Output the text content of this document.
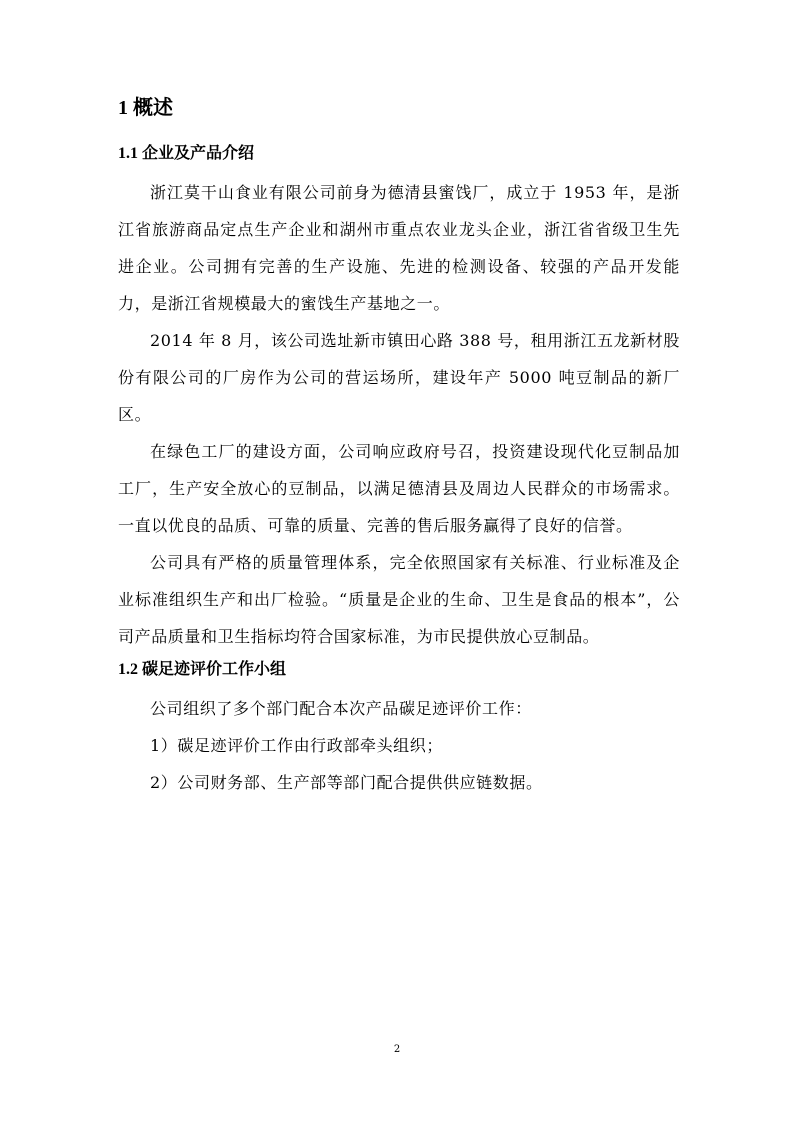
1 概述
1.1 企业及产品介绍

浙江莫干山食业有限公司前身为德清县蜜饯厂，成立于 1953 年，是浙江省旅游商品定点生产企业和湖州市重点农业龙头企业，浙江省省级卫生先进企业。公司拥有完善的生产设施、先进的检测设备、较强的产品开发能力，是浙江省规模最大的蜜饯生产基地之一。

2014 年 8 月，该公司选址新市镇田心路 388 号，租用浙江五龙新材股份有限公司的厂房作为公司的营运场所，建设年产 5000 吨豆制品的新厂区。

在绿色工厂的建设方面，公司响应政府号召，投资建设现代化豆制品加工厂，生产安全放心的豆制品，以满足德清县及周边人民群众的市场需求。一直以优良的品质、可靠的质量、完善的售后服务赢得了良好的信誉。

公司具有严格的质量管理体系，完全依照国家有关标准、行业标准及企业标准组织生产和出厂检验。“质量是企业的生命、卫生是食品的根本”，公司产品质量和卫生指标均符合国家标准，为市民提供放心豆制品。

1.2 碳足迹评价工作小组

公司组织了多个部门配合本次产品碳足迹评价工作：

1）碳足迹评价工作由行政部牵头组织；

2）公司财务部、生产部等部门配合提供供应链数据。

2
